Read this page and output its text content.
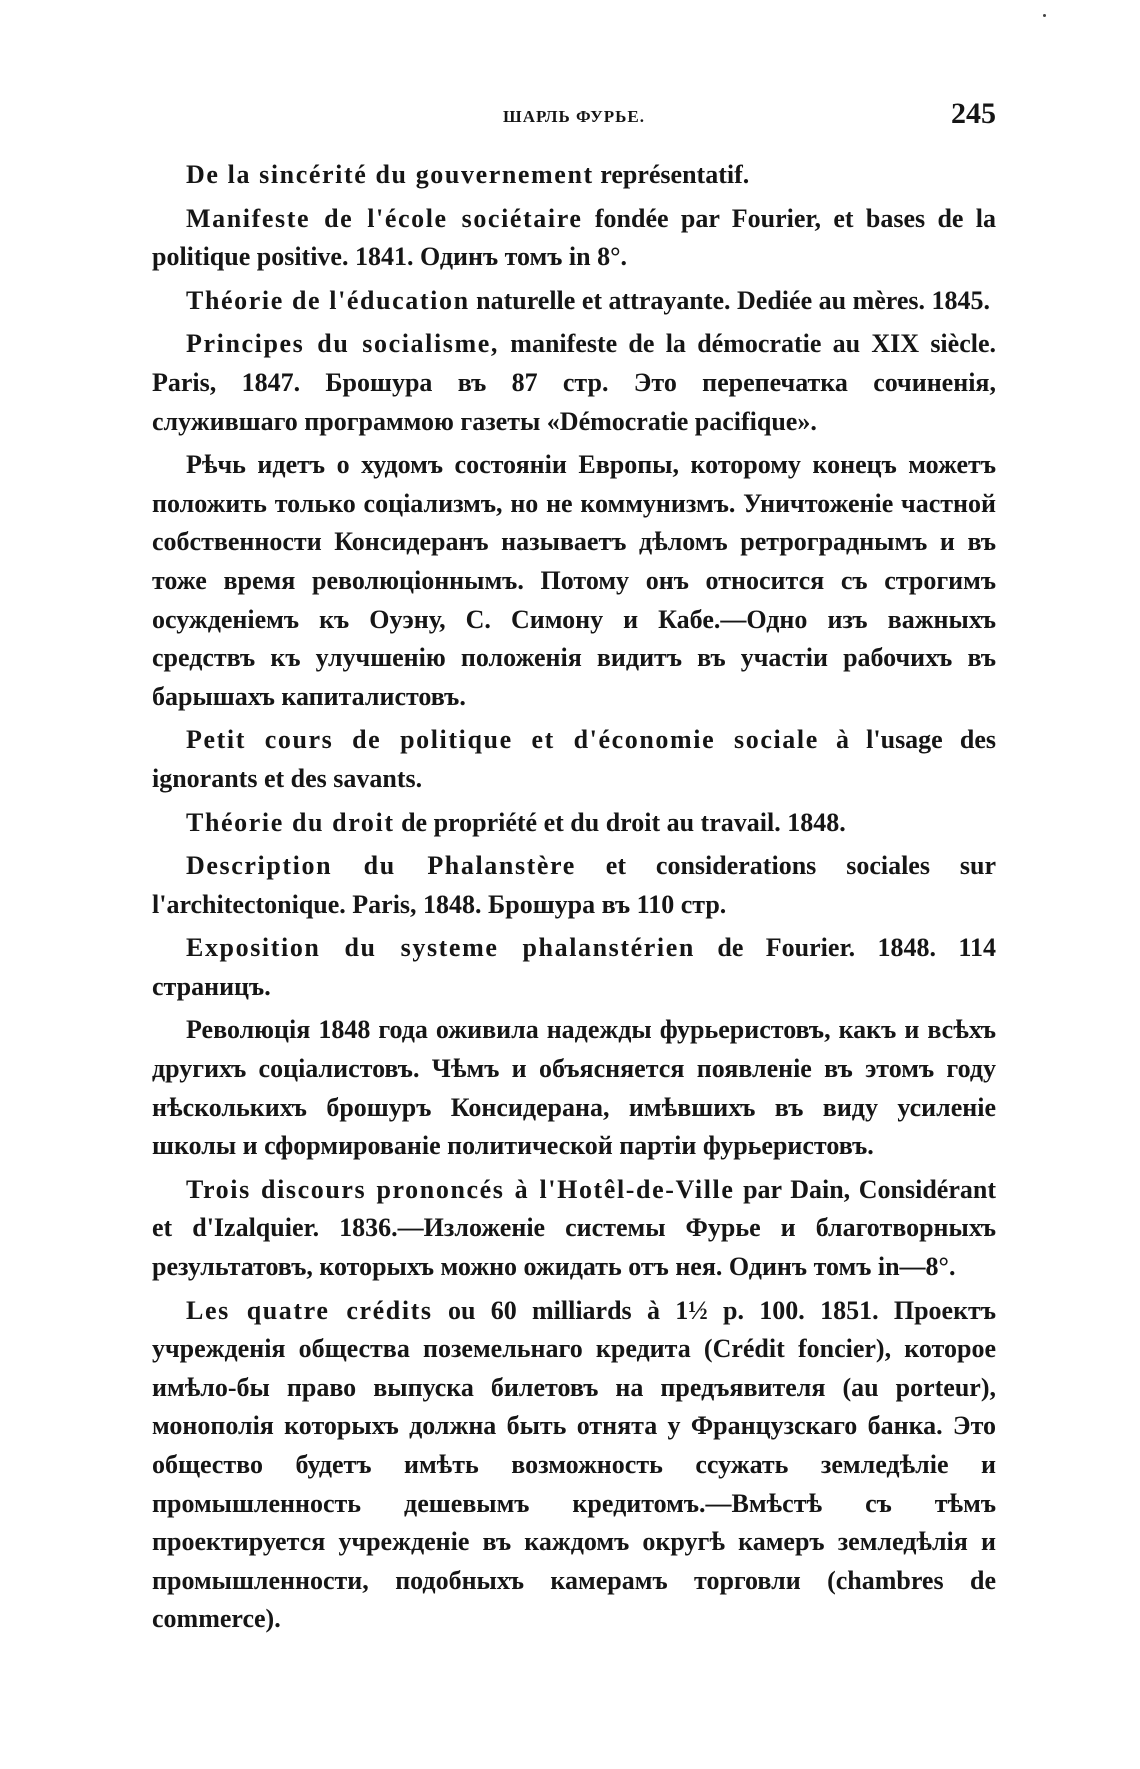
ШАРЛЬ ФУРЬЕ.	245

De la sincérité du gouvernement représentatif.

Manifeste de l'école sociétaire fondée par Fourier, et bases de la politique positive. 1841. Одинъ томъ in 8°.

Théorie de l'éducation naturelle et attrayante. Dediée au mères. 1845.

Principes du socialisme, manifeste de la démocratie au XIX siècle. Paris, 1847. Брошура въ 87 стр. Это перепечатка сочиненія, служившаго программою газеты «Démocratie pacifique».

Рѣчь идетъ о худомъ состояніи Европы, которому конецъ можетъ положить только соціализмъ, но не коммунизмъ. Уничтоженіе частной собственности Консидеранъ называетъ дѣломъ ретрограднымъ и въ тоже время революціоннымъ. Потому онъ относится съ строгимъ осужденіемъ къ Оуэну, С. Симону и Кабе.—Одно изъ важныхъ средствъ къ улучшенію положенія видитъ въ участіи рабочихъ въ барышахъ капиталистовъ.

Petit cours de politique et d'économie sociale à l'usage des ignorants et des savants.

Théorie du droit de propriété et du droit au travail. 1848.

Description du Phalanstère et considerations sociales sur l'architectonique. Paris, 1848. Брошура въ 110 стр.

Exposition du systeme phalanstérien de Fourier. 1848. 114 страницъ.

Революція 1848 года оживила надежды фурьеристовъ, какъ и всѣхъ другихъ соціалистовъ. Чѣмъ и объясняется появленіе въ этомъ году нѣсколькихъ брошуръ Консидерана, имѣвшихъ въ виду усиленіе школы и сформированіе политической партіи фурьеристовъ.

Trois discours prononcés à l'Hotêl-de-Ville par Dain, Considérant et d'Izalquier. 1836.—Изложеніе системы Фурье и благотворныхъ результатовъ, которыхъ можно ожидать отъ нея. Одинъ томъ in—8°.

Les quatre crédits ou 60 milliards à 1½ p. 100. 1851. Проектъ учрежденія общества поземельнаго кредита (Crédit foncier), которое имѣло-бы право выпуска билетовъ на предъявителя (au porteur), монополія которыхъ должна быть отнята у Французскаго банка. Это общество будетъ имѣть возможность ссужать земледѣліе и промышленность дешевымъ кредитомъ.—Вмѣстѣ съ тѣмъ проектируется учрежденіе въ каждомъ округѣ камеръ земледѣлія и промышленности, подобныхъ камерамъ торговли (chambres de commerce).
